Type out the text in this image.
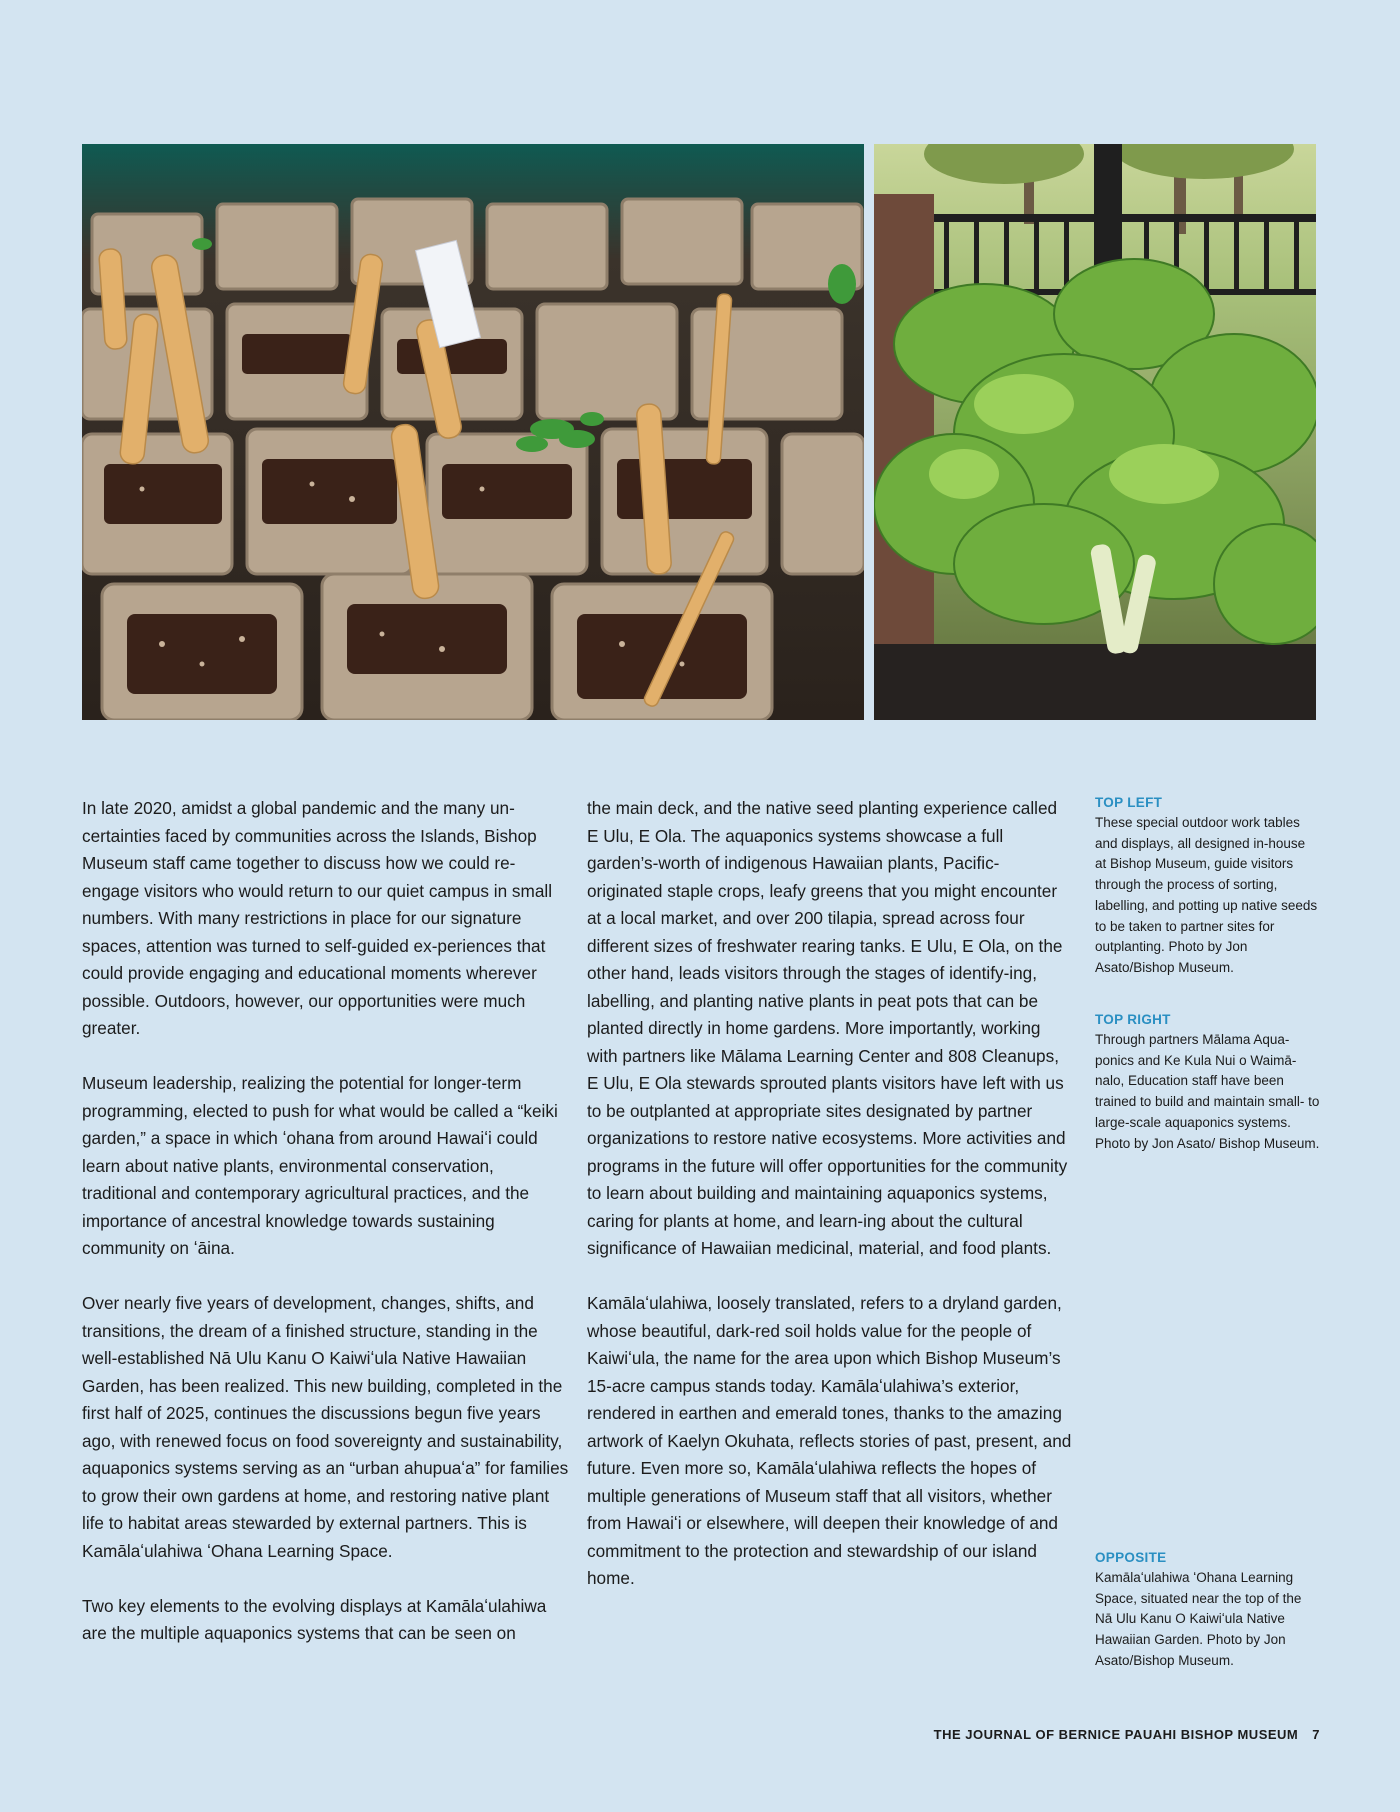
In late 2020, amidst a global pandemic and the many un-certainties faced by communities across the Islands, Bishop Museum staff came together to discuss how we could re-engage visitors who would return to our quiet campus in small numbers. With many restrictions in place for our signature spaces, attention was turned to self-guided ex-periences that could provide engaging and educational moments wherever possible. Outdoors, however, our opportunities were much greater.

Museum leadership, realizing the potential for longer-term programming, elected to push for what would be called a “keiki garden,” a space in which ʻohana from around Hawaiʻi could learn about native plants, environmental conservation, traditional and contemporary agricultural practices, and the importance of ancestral knowledge towards sustaining community on ʻāina.

Over nearly five years of development, changes, shifts, and transitions, the dream of a finished structure, standing in the well-established Nā Ulu Kanu O Kaiwiʻula Native Hawaiian Garden, has been realized. This new building, completed in the first half of 2025, continues the discussions begun five years ago, with renewed focus on food sovereignty and sustainability, aquaponics systems serving as an “urban ahupuaʻa” for families to grow their own gardens at home, and restoring native plant life to habitat areas stewarded by external partners. This is Kamālaʻulahiwa ʻOhana Learning Space.

Two key elements to the evolving displays at Kamālaʻulahiwa are the multiple aquaponics systems that can be seen on

the main deck, and the native seed planting experience called E Ulu, E Ola. The aquaponics systems showcase a full garden’s-worth of indigenous Hawaiian plants, Pacific-originated staple crops, leafy greens that you might encounter at a local market, and over 200 tilapia, spread across four different sizes of freshwater rearing tanks. E Ulu, E Ola, on the other hand, leads visitors through the stages of identify-ing, labelling, and planting native plants in peat pots that can be planted directly in home gardens. More importantly, working with partners like Mālama Learning Center and 808 Cleanups, E Ulu, E Ola stewards sprouted plants visitors have left with us to be outplanted at appropriate sites designated by partner organizations to restore native ecosystems. More activities and programs in the future will offer opportunities for the community to learn about building and maintaining aquaponics systems, caring for plants at home, and learn-ing about the cultural significance of Hawaiian medicinal, material, and food plants.

Kamālaʻulahiwa, loosely translated, refers to a dryland garden, whose beautiful, dark-red soil holds value for the people of Kaiwiʻula, the name for the area upon which Bishop Museum’s 15-acre campus stands today. Kamālaʻulahiwa’s exterior, rendered in earthen and emerald tones, thanks to the amazing artwork of Kaelyn Okuhata, reflects stories of past, present, and future. Even more so, Kamālaʻulahiwa reflects the hopes of multiple generations of Museum staff that all visitors, whether from Hawaiʻi or elsewhere, will deepen their knowledge of and commitment to the protection and stewardship of our island home.

TOP LEFT
These special outdoor work tables and displays, all designed in-house at Bishop Museum, guide visitors through the process of sorting, labelling, and potting up native seeds to be taken to partner sites for outplanting. Photo by Jon Asato/Bishop Museum.
TOP RIGHT
Through partners Mālama Aqua-ponics and Ke Kula Nui o Waimā-nalo, Education staff have been trained to build and maintain small- to large-scale aquaponics systems. Photo by Jon Asato/ Bishop Museum.
OPPOSITE
Kamālaʻulahiwa ʻOhana Learning Space, situated near the top of the Nā Ulu Kanu O Kaiwiʻula Native Hawaiian Garden. Photo by Jon Asato/Bishop Museum.
THE JOURNAL OF BERNICE PAUAHI BISHOP MUSEUM 7
